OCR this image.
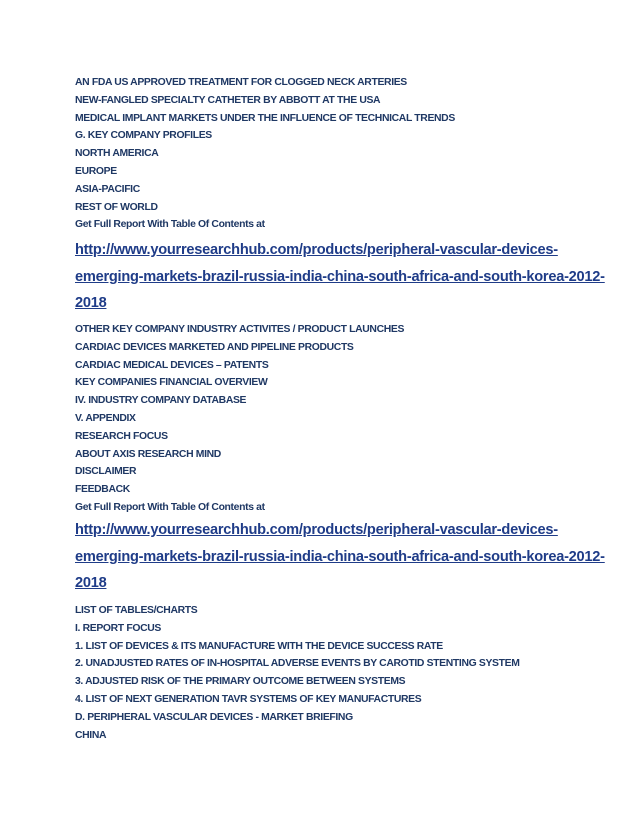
AN FDA US APPROVED TREATMENT FOR CLOGGED NECK ARTERIES
NEW-FANGLED SPECIALTY CATHETER BY ABBOTT AT THE USA
MEDICAL IMPLANT MARKETS UNDER THE INFLUENCE OF TECHNICAL TRENDS
G. KEY COMPANY PROFILES
NORTH AMERICA
EUROPE
ASIA-PACIFIC
REST OF WORLD
Get Full Report With Table Of Contents at
http://www.yourresearchhub.com/products/peripheral-vascular-devices-
emerging-markets-brazil-russia-india-china-south-africa-and-south-korea-2012-
2018
OTHER KEY COMPANY INDUSTRY ACTIVITES / PRODUCT LAUNCHES
CARDIAC DEVICES MARKETED AND PIPELINE PRODUCTS
CARDIAC MEDICAL DEVICES – PATENTS
KEY COMPANIES FINANCIAL OVERVIEW
IV. INDUSTRY COMPANY DATABASE
V. APPENDIX
RESEARCH FOCUS
ABOUT AXIS RESEARCH MIND
DISCLAIMER
FEEDBACK
Get Full Report With Table Of Contents at
http://www.yourresearchhub.com/products/peripheral-vascular-devices-
emerging-markets-brazil-russia-india-china-south-africa-and-south-korea-2012-
2018
LIST OF TABLES/CHARTS
I. REPORT FOCUS
1. LIST OF DEVICES & ITS MANUFACTURE WITH THE DEVICE SUCCESS RATE
2. UNADJUSTED RATES OF IN-HOSPITAL ADVERSE EVENTS BY CAROTID STENTING SYSTEM
3. ADJUSTED RISK OF THE PRIMARY OUTCOME BETWEEN SYSTEMS
4. LIST OF NEXT GENERATION TAVR SYSTEMS OF KEY MANUFACTURES
D. PERIPHERAL VASCULAR DEVICES - MARKET BRIEFING
CHINA
